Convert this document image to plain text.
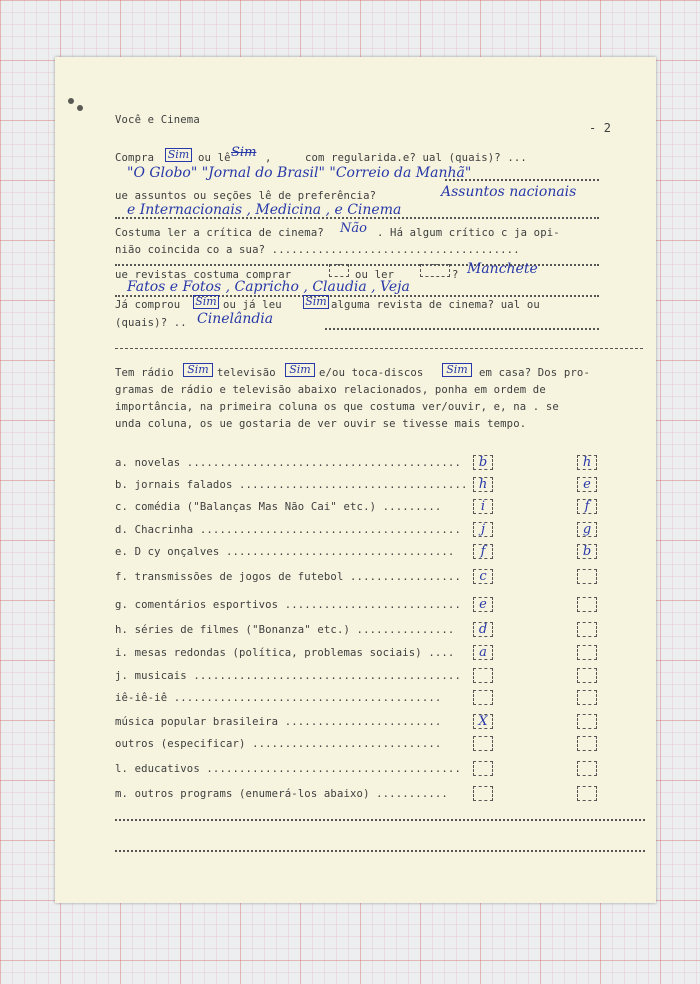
Você e Cinema
- 2
Compra Sim ou lê Sim ,	com regularida.e? ual (quais)? ...
"O Globo" "Jornal do Brasil" "Correio da Manhã"
ue assuntos ou seções lê de preferência?	Assuntos nacionais
e Internacionais , Medicina , e Cinema
Costuma ler a crítica de cinema? Não . Há algum crítico c ja opi-
nião coincida co a sua? ......................................
ue revistas costuma comprar	ou ler	? Manchete
Fatos e Fotos , Capricho , Claudia , Veja
Já comprou Sim ou já leu Sim alguma revista de cinema? ual ou
(quais)? .. Cinelândia
Tem rádio	Sim televisão	Sim e/ou toca-discos	Sim	em casa? Dos pro-
gramas de rádio e televisão abaixo relacionados, ponha em ordem de
importância, na primeira coluna os que costuma ver/ouvir, e, na . se
unda coluna, os ue gostaria de ver ouvir se tivesse mais tempo.
a. novelas ..........................................	b	h
b. jornais falados ................................... h	e
c. comédia ("Balanças Mas Não Cai" etc.) .........	i	f
d. Chacrinha ........................................	j	g
e. D cy onçalves ...................................	f	b
f. transmissões de jogos de futebol .................	c
g. comentários esportivos ...........................	e
h. séries de filmes ("Bonanza" etc.) ...............	d
i. mesas redondas (política, problemas sociais) ....	a
j. musicais .........................................
iê-iê-iê .........................................
música popular brasileira ........................	X
outros (especificar) .............................
l. educativos .......................................
m. outros programs (enumerá-los abaixo) ...........
